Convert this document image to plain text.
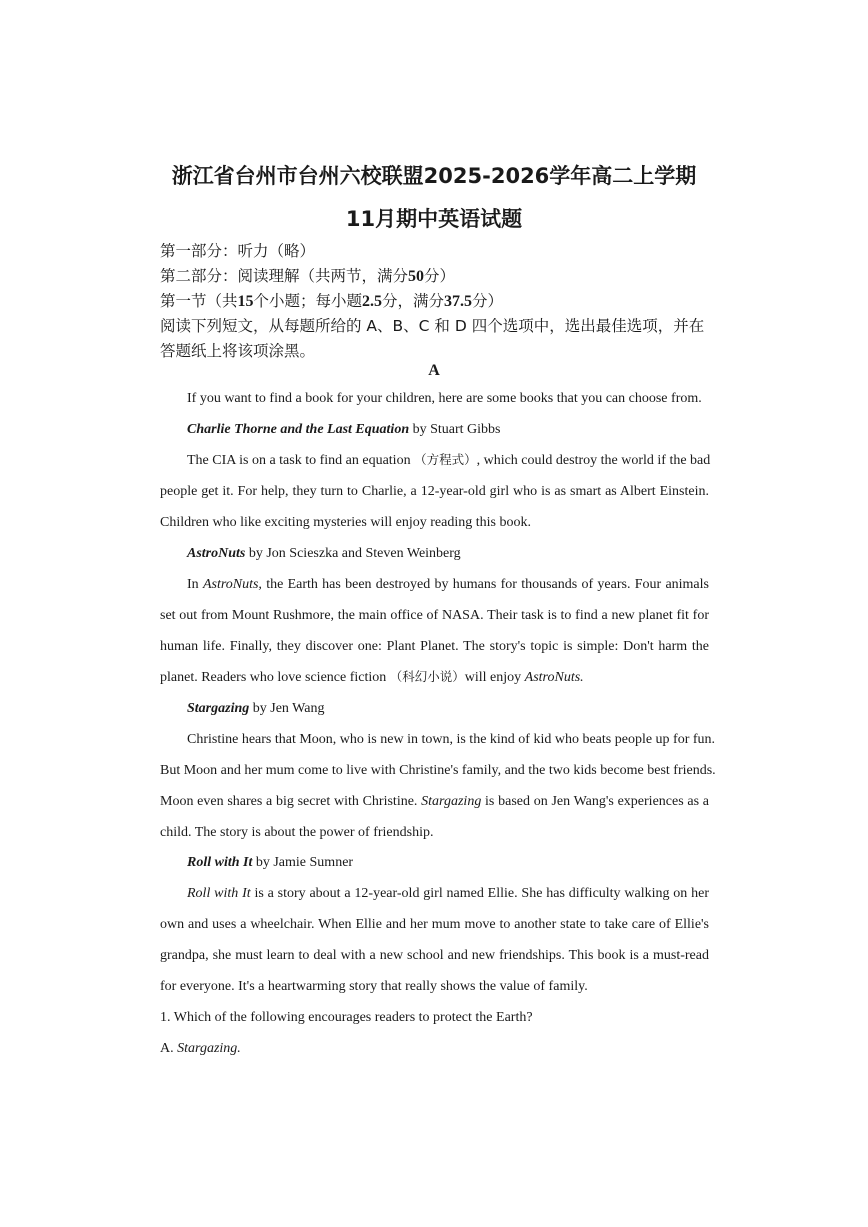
浙江省台州市台州六校联盟2025-2026学年高二上学期
11月期中英语试题
第一部分：听力（略）
第二部分：阅读理解（共两节，满分50分）
第一节（共15个小题；每小题2.5分，满分37.5分）
阅读下列短文，从每题所给的 A、B、C 和 D 四个选项中，选出最佳选项，并在
答题纸上将该项涂黑。
A
If you want to find a book for your children, here are some books that you can choose from.
Charlie Thorne and the Last Equation by Stuart Gibbs
The CIA is on a task to find an equation （方程式）, which could destroy the world if the bad
people get it. For help, they turn to Charlie, a 12-year-old girl who is as smart as Albert Einstein.
Children who like exciting mysteries will enjoy reading this book.
AstroNuts by Jon Scieszka and Steven Weinberg
In AstroNuts, the Earth has been destroyed by humans for thousands of years. Four animals
set out from Mount Rushmore, the main office of NASA. Their task is to find a new planet fit for
human life. Finally, they discover one: Plant Planet. The story's topic is simple: Don't harm the
planet. Readers who love science fiction （科幻小说）will enjoy AstroNuts.
Stargazing by Jen Wang
Christine hears that Moon, who is new in town, is the kind of kid who beats people up for fun.
But Moon and her mum come to live with Christine's family, and the two kids become best friends.
Moon even shares a big secret with Christine. Stargazing is based on Jen Wang's experiences as a
child. The story is about the power of friendship.
Roll with It by Jamie Sumner
Roll with It is a story about a 12-year-old girl named Ellie. She has difficulty walking on her
own and uses a wheelchair. When Ellie and her mum move to another state to take care of Ellie's
grandpa, she must learn to deal with a new school and new friendships. This book is a must-read
for everyone. It's a heartwarming story that really shows the value of family.
1. Which of the following encourages readers to protect the Earth?
A. Stargazing.
